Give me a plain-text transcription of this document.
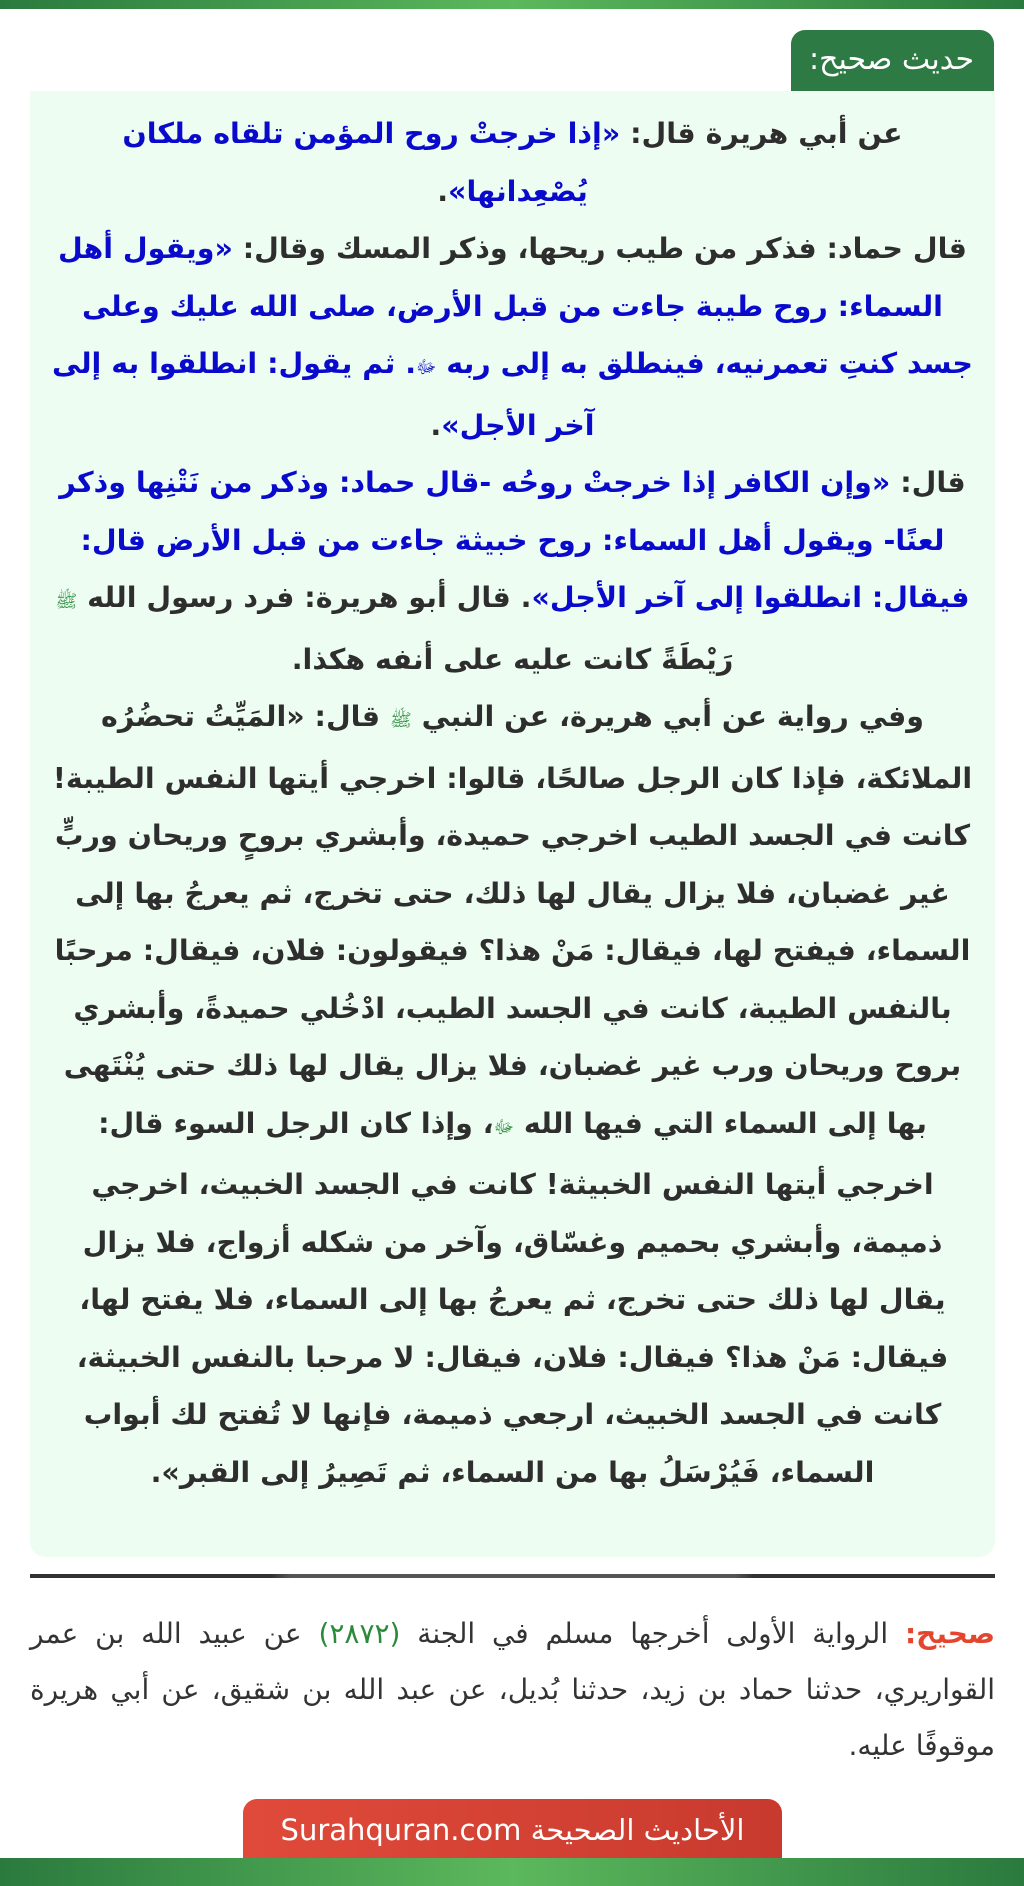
حديث صحيح:
عن أبي هريرة قال: «إذا خرجتْ روح المؤمن تلقاه ملكان يُصْعِدانها».
قال حماد: فذكر من طيب ريحها، وذكر المسك وقال: «ويقول أهل السماء: روح طيبة جاءت من قبل الأرض، صلى الله عليك وعلى جسد كنتِ تعمرنيه، فينطلق به إلى ربه ﷻ. ثم يقول: انطلقوا به إلى آخر الأجل».
قال: «وإن الكافر إذا خرجتْ روحُه -قال حماد: وذكر من نَتْنِها وذكر لعنًا- ويقول أهل السماء: روح خبيثة جاءت من قبل الأرض قال: فيقال: انطلقوا إلى آخر الأجل». قال أبو هريرة: فرد رسول الله ﷺ رَيْطَةً كانت عليه على أنفه هكذا.
وفي رواية عن أبي هريرة، عن النبي ﷺ قال: «المَيِّتُ تحضُرُه الملائكة، فإذا كان الرجل صالحًا، قالوا: اخرجي أيتها النفس الطيبة! كانت في الجسد الطيب اخرجي حميدة، وأبشري بروحٍ وريحان وربٍّ غير غضبان، فلا يزال يقال لها ذلك، حتى تخرج، ثم يعرجُ بها إلى السماء، فيفتح لها، فيقال: مَنْ هذا؟ فيقولون: فلان، فيقال: مرحبًا بالنفس الطيبة، كانت في الجسد الطيب، ادْخُلي حميدةً، وأبشري بروح وريحان ورب غير غضبان، فلا يزال يقال لها ذلك حتى يُنْتَهى بها إلى السماء التي فيها الله ﷻ، وإذا كان الرجل السوء قال: اخرجي أيتها النفس الخبيثة! كانت في الجسد الخبيث، اخرجي ذميمة، وأبشري بحميم وغسّاق، وآخر من شكله أزواج، فلا يزال يقال لها ذلك حتى تخرج، ثم يعرجُ بها إلى السماء، فلا يفتح لها، فيقال: مَنْ هذا؟ فيقال: فلان، فيقال: لا مرحبا بالنفس الخبيثة، كانت في الجسد الخبيث، ارجعي ذميمة، فإنها لا تُفتح لك أبواب السماء، فَيُرْسَلُ بها من السماء، ثم تَصِيرُ إلى القبر».
صحيح: الرواية الأولى أخرجها مسلم في الجنة (٢٨٧٢) عن عبيد الله بن عمر القواريري، حدثنا حماد بن زيد، حدثنا بُديل، عن عبد الله بن شقيق، عن أبي هريرة موقوفًا عليه.
الأحاديث الصحيحة Surahquran.com
